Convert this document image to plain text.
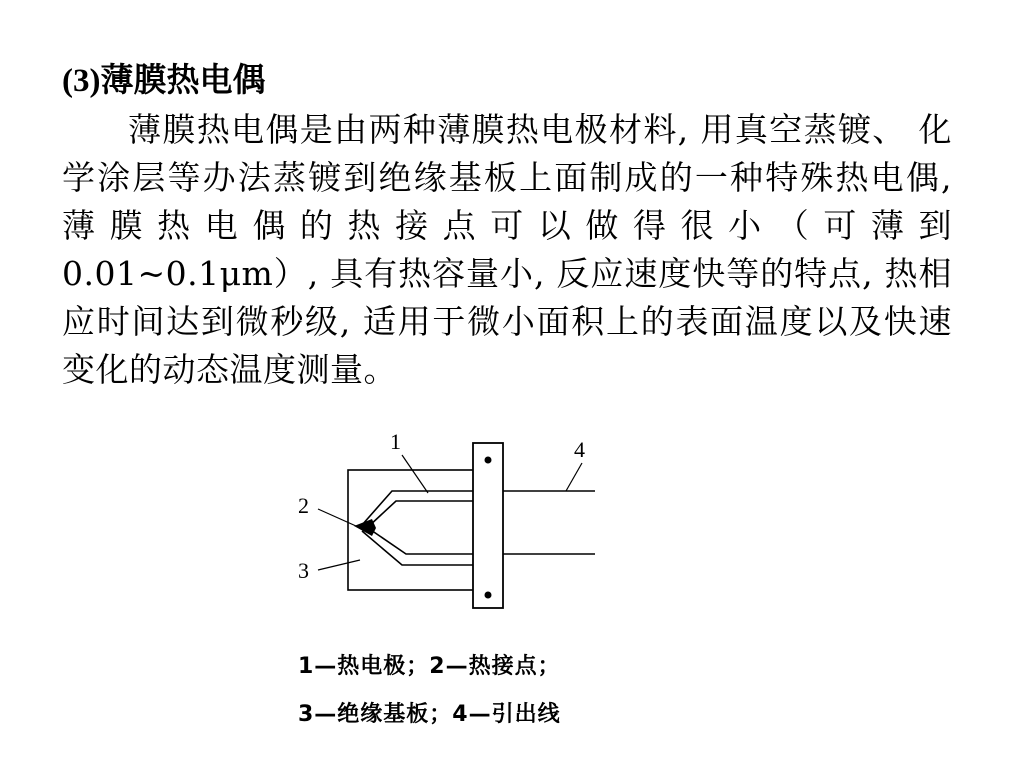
(3)薄膜热电偶

薄膜热电偶是由两种薄膜热电极材料, 用真空蒸镀、 化学涂层等办法蒸镀到绝缘基板上面制成的一种特殊热电偶, 薄膜热电偶的热接点可以做得很小（可薄到0.01~0.1μm）, 具有热容量小, 反应速度快等的特点, 热相应时间达到微秒级, 适用于微小面积上的表面温度以及快速变化的动态温度测量。

1
2
3
4
1—热电极；2—热接点；
3—绝缘基板；4—引出线
